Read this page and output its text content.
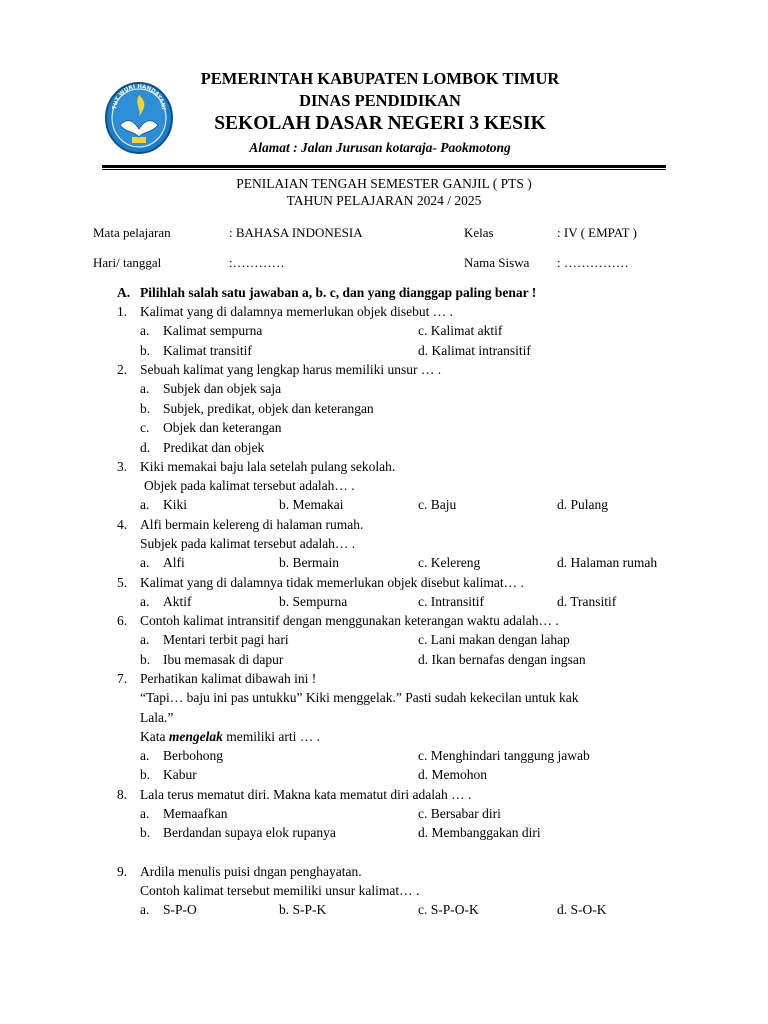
TUT WURI HANDAYANI
PEMERINTAH KABUPATEN LOMBOK TIMUR
DINAS PENDIDIKAN
SEKOLAH DASAR NEGERI 3 KESIK
Alamat : Jalan Jurusan kotaraja- Paokmotong
PENILAIAN TENGAH SEMESTER GANJIL ( PTS )
TAHUN PELAJARAN 2024 / 2025
Mata pelajaran	: BAHASA INDONESIA	Kelas	: IV ( EMPAT )
Hari/ tanggal	:…………	Nama Siswa : ……………
A. Pilihlah salah satu jawaban a, b. c, dan yang dianggap paling benar !
1. Kalimat yang di dalamnya memerlukan objek disebut … .
a. Kalimat sempurna	c. Kalimat aktif
b. Kalimat transitif	d. Kalimat intransitif
2. Sebuah kalimat yang lengkap harus memiliki unsur … .
a. Subjek dan objek saja
b. Subjek, predikat, objek dan keterangan
c. Objek dan keterangan
d. Predikat dan objek
3. Kiki memakai baju lala setelah pulang sekolah.
Objek pada kalimat tersebut adalah… .
a. Kiki	b. Memakai	c. Baju	d. Pulang
4. Alfi bermain kelereng di halaman rumah.
Subjek pada kalimat tersebut adalah… .
a. Alfi	b. Bermain	c. Kelereng	d. Halaman rumah
5. Kalimat yang di dalamnya tidak memerlukan objek disebut kalimat… .
a. Aktif	b. Sempurna	c. Intransitif	d. Transitif
6. Contoh kalimat intransitif dengan menggunakan keterangan waktu adalah… .
a. Mentari terbit pagi hari	c. Lani makan dengan lahap
b. Ibu memasak di dapur	d. Ikan bernafas dengan ingsan
7. Perhatikan kalimat dibawah ini !
“Tapi… baju ini pas untukku” Kiki menggelak.” Pasti sudah kekecilan untuk kak
Lala.”
Kata mengelak memiliki arti … .
a. Berbohong	c. Menghindari tanggung jawab
b. Kabur	d. Memohon
8. Lala terus mematut diri. Makna kata mematut diri adalah … .
a. Memaafkan	c. Bersabar diri
b. Berdandan supaya elok rupanya	d. Membanggakan diri
9. Ardila menulis puisi dngan penghayatan.
Contoh kalimat tersebut memiliki unsur kalimat… .
a. S-P-O	b. S-P-K	c. S-P-O-K	d. S-O-K
